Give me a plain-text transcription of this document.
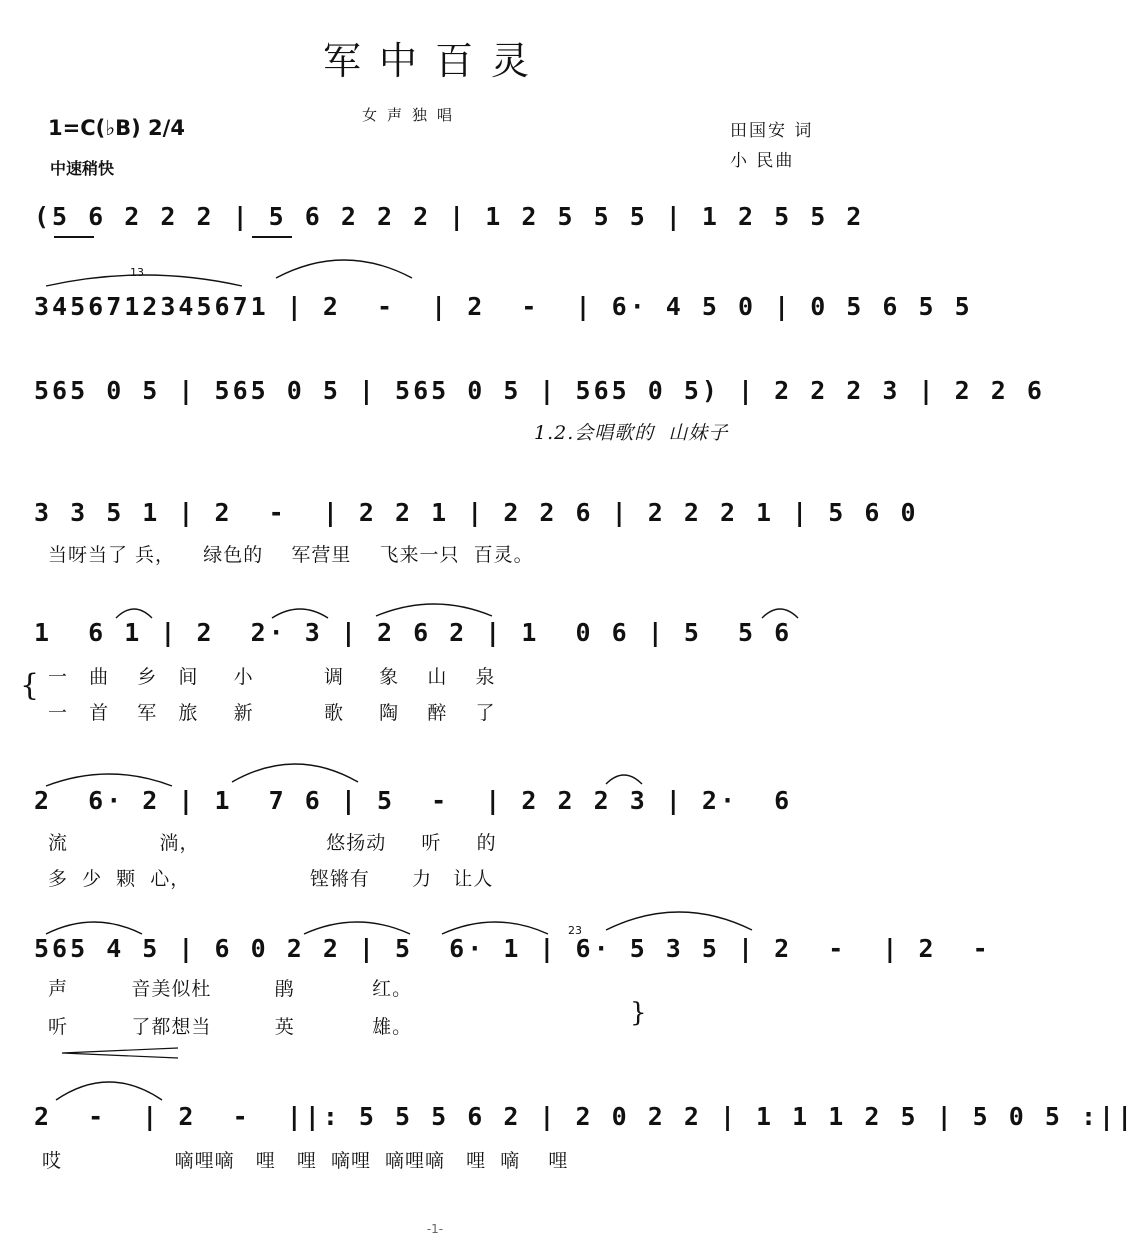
军中百灵
女声独唱
1=C(♭B) 2/4
中速稍快
田国安 词
小 民曲
(5 6 2 2 2 | 5 6 2 2 2 | 1 2 5 5 5 | 1 2 5 5 2
13
3456712345671 | 2  -  | 2  -  | 6· 4 5 0 | 0 5 6 5 5
565 0 5 | 565 0 5 | 565 0 5 | 565 0 5) | 2 2 2 3 | 2 2 6
1.2.会唱歌的  山妹子
3 3 5 1 | 2  -  | 2 2 1 | 2 2 6 | 2 2 2 1 | 5 6 0
当呀当了 兵，    绿色的    军营里    飞来一只  百灵。
1  6 1 | 2  2· 3 | 2 6 2 | 1  0 6 | 5  5 6
{ 一   曲    乡   间     小          调     象    山    泉
一   首    军   旅     新          歌     陶    醉    了
2  6· 2 | 1  7 6 | 5  -  | 2 2 2 3 | 2·  6
流             淌，                  悠扬动     听     的
多  少  颗  心，                 铿锵有      力   让人
23
565 4 5 | 6 0 2 2 | 5  6· 1 | 6· 5 3 5 | 2  -  | 2  -
声         音美似杜         鹃           红。
听         了都想当         英           雄。	}
2  -  | 2  -  ||: 5 5 5 6 2 | 2 0 2 2 | 1 1 1 2 5 | 5 0 5 :||
哎                嘀哩嘀   哩   哩  嘀哩  嘀哩嘀   哩  嘀    哩
-1-
